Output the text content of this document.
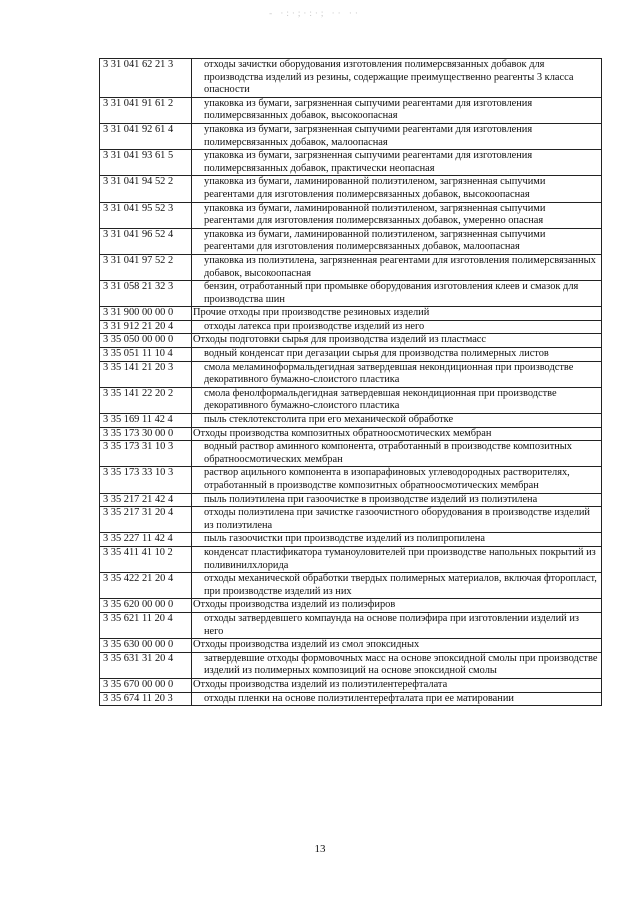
- ·:·;·:·; ·· ··
3 31 041 62 21 3	отходы зачистки оборудования изготовления полимерсвязанных добавок для производства изделий из резины, содержащие преимущественно реагенты 3 класса опасности
3 31 041 91 61 2	упаковка из бумаги, загрязненная сыпучими реагентами для изготовления полимерсвязанных добавок, высокоопасная
3 31 041 92 61 4	упаковка из бумаги, загрязненная сыпучими реагентами для изготовления полимерсвязанных добавок, малоопасная
3 31 041 93 61 5	упаковка из бумаги, загрязненная сыпучими реагентами для изготовления полимерсвязанных добавок, практически неопасная
3 31 041 94 52 2	упаковка из бумаги, ламинированной полиэтиленом, загрязненная сыпучими реагентами для изготовления полимерсвязанных добавок, высокоопасная
3 31 041 95 52 3	упаковка из бумаги, ламинированной полиэтиленом, загрязненная сыпучими реагентами для изготовления полимерсвязанных добавок, умеренно опасная
3 31 041 96 52 4	упаковка из бумаги, ламинированной полиэтиленом, загрязненная сыпучими реагентами для изготовления полимерсвязанных добавок, малоопасная
3 31 041 97 52 2	упаковка из полиэтилена, загрязненная реагентами для изготовления полимерсвязанных добавок, высокоопасная
3 31 058 21 32 3	бензин, отработанный при промывке оборудования изготовления клеев и смазок для производства шин
3 31 900 00 00 0	Прочие отходы при производстве резиновых изделий
3 31 912 21 20 4	отходы латекса при производстве изделий из него
3 35 050 00 00 0	Отходы подготовки сырья для производства изделий из пластмасс
3 35 051 11 10 4	водный конденсат при дегазации сырья для производства полимерных листов
3 35 141 21 20 3	смола меламиноформальдегидная затвердевшая некондиционная при производстве декоративного бумажно-слоистого пластика
3 35 141 22 20 2	смола фенолформальдегидная затвердевшая некондиционная при производстве декоративного бумажно-слоистого пластика
3 35 169 11 42 4	пыль стеклотекстолита при его механической обработке
3 35 173 30 00 0	Отходы производства композитных обратноосмотических мембран
3 35 173 31 10 3	водный раствор аминного компонента, отработанный в производстве композитных обратноосмотических мембран
3 35 173 33 10 3	раствор ацильного компонента в изопарафиновых углеводородных растворителях, отработанный в производстве композитных обратноосмотических мембран
3 35 217 21 42 4	пыль полиэтилена при газоочистке в производстве изделий из полиэтилена
3 35 217 31 20 4	отходы полиэтилена при зачистке газоочистного оборудования в производстве изделий из полиэтилена
3 35 227 11 42 4	пыль газоочистки при производстве изделий из полипропилена
3 35 411 41 10 2	конденсат пластификатора туманоуловителей при производстве напольных покрытий из поливинилхлорида
3 35 422 21 20 4	отходы механической обработки твердых полимерных материалов, включая фторопласт, при производстве изделий из них
3 35 620 00 00 0	Отходы производства изделий из полиэфиров
3 35 621 11 20 4	отходы затвердевшего компаунда на основе полиэфира при изготовлении изделий из него
3 35 630 00 00 0	Отходы производства изделий из смол эпоксидных
3 35 631 31 20 4	затвердевшие отходы формовочных масс на основе эпоксидной смолы при производстве изделий из полимерных композиций на основе эпоксидной смолы
3 35 670 00 00 0	Отходы производства изделий из полиэтилентерефталата
3 35 674 11 20 3	отходы пленки на основе полиэтилентерефталата при ее матировании
13
